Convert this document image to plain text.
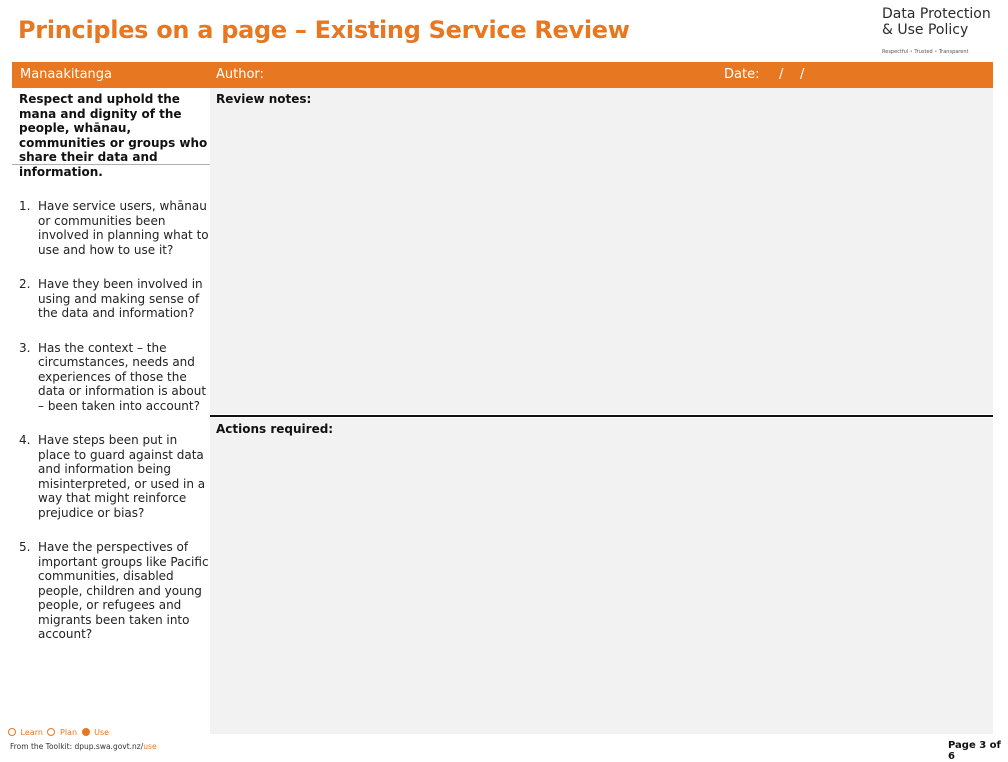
Principles on a page – Existing Service Review
Data Protection
& Use Policy
Respectful • Trusted • Transparent
Manaakitanga	Author:	Date: / /
Respect and uphold the mana and dignity of the people, whānau, communities or groups who share their data and information.
1. Have service users, whānau or communities been involved in planning what to use and how to use it?
2. Have they been involved in using and making sense of the data and information?
3. Has the context – the circumstances, needs and experiences of those the data or information is about – been taken into account?
4. Have steps been put in place to guard against data and information being misinterpreted, or used in a way that might reinforce prejudice or bias?
5. Have the perspectives of important groups like Pacific communities, disabled people, children and young people, or refugees and migrants been taken into account?
Review notes:
Actions required:
Learn Plan Use
From the Toolkit: dpup.swa.govt.nz/use	Page 3 of 6
